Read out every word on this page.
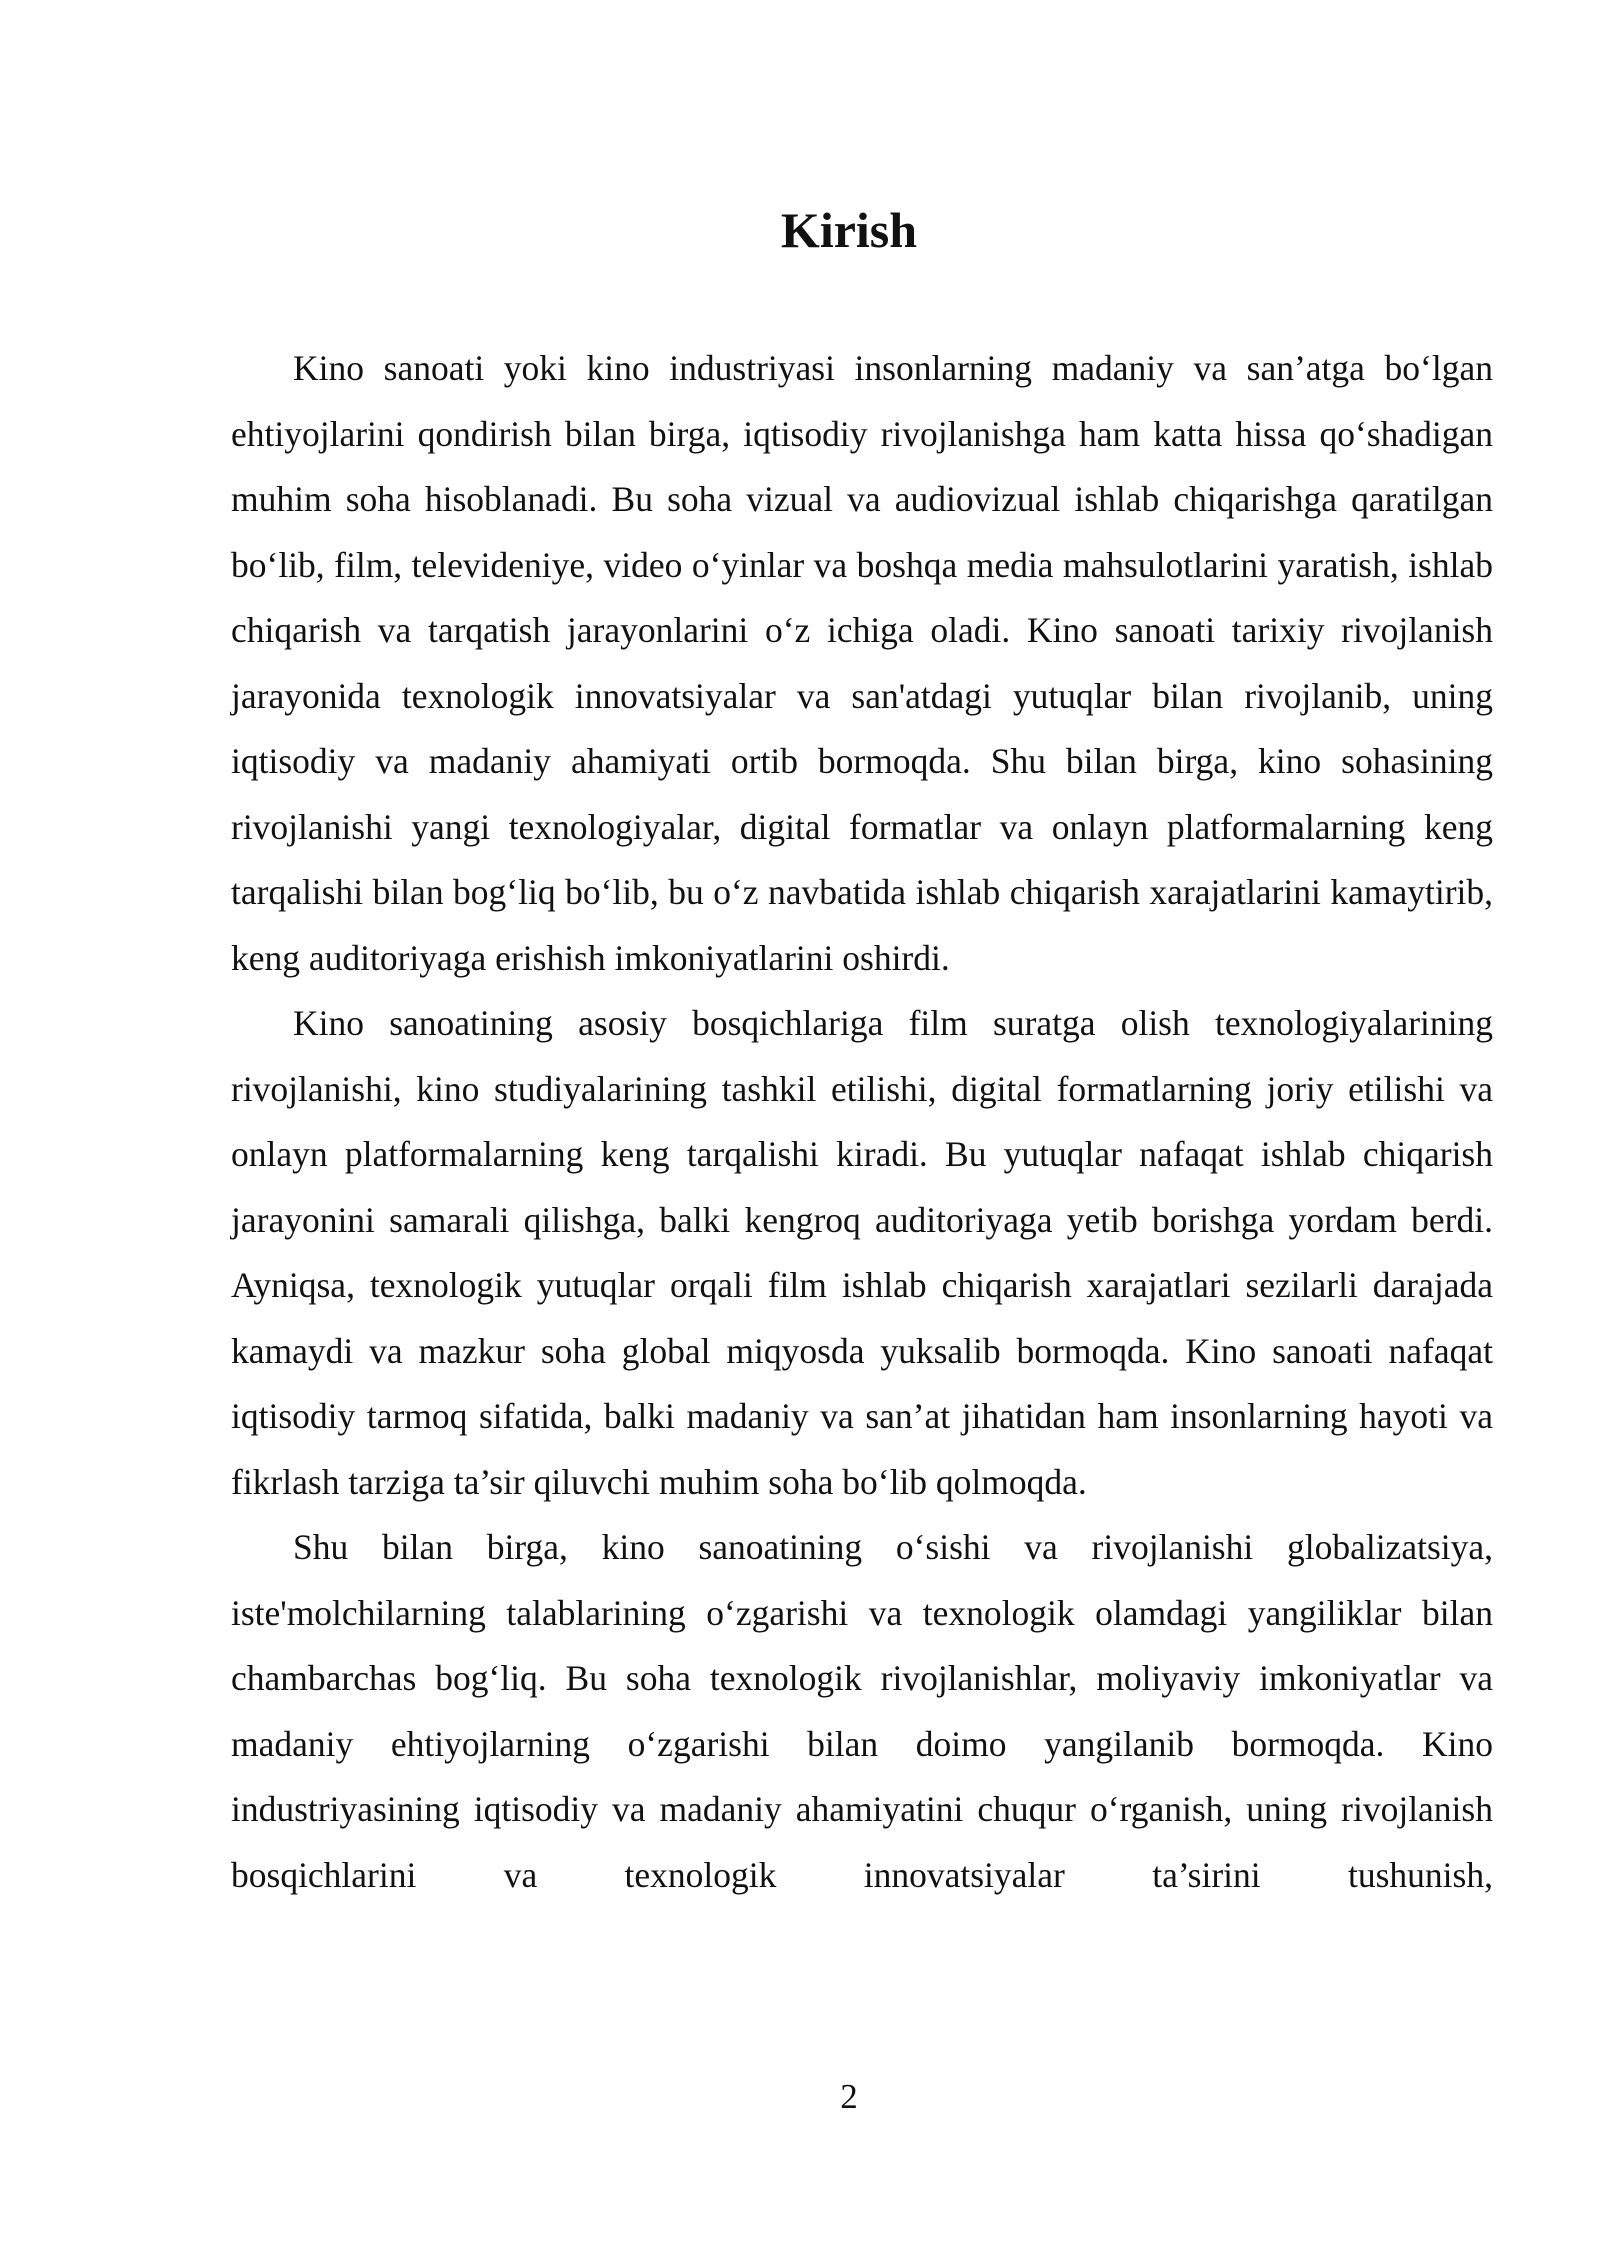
Kirish

Kino sanoati yoki kino industriyasi insonlarning madaniy va san’atga bo‘lgan ehtiyojlarini qondirish bilan birga, iqtisodiy rivojlanishga ham katta hissa qo‘shadigan muhim soha hisoblanadi. Bu soha vizual va audiovizual ishlab chiqarishga qaratilgan bo‘lib, film, televideniye, video o‘yinlar va boshqa media mahsulotlarini yaratish, ishlab chiqarish va tarqatish jarayonlarini o‘z ichiga oladi. Kino sanoati tarixiy rivojlanish jarayonida texnologik innovatsiyalar va san'atdagi yutuqlar bilan rivojlanib, uning iqtisodiy va madaniy ahamiyati ortib bormoqda. Shu bilan birga, kino sohasining rivojlanishi yangi texnologiyalar, digital formatlar va onlayn platformalarning keng tarqalishi bilan bog‘liq bo‘lib, bu o‘z navbatida ishlab chiqarish xarajatlarini kamaytirib, keng auditoriyaga erishish imkoniyatlarini oshirdi.

Kino sanoatining asosiy bosqichlariga film suratga olish texnologiyalarining rivojlanishi, kino studiyalarining tashkil etilishi, digital formatlarning joriy etilishi va onlayn platformalarning keng tarqalishi kiradi. Bu yutuqlar nafaqat ishlab chiqarish jarayonini samarali qilishga, balki kengroq auditoriyaga yetib borishga yordam berdi. Ayniqsa, texnologik yutuqlar orqali film ishlab chiqarish xarajatlari sezilarli darajada kamaydi va mazkur soha global miqyosda yuksalib bormoqda. Kino sanoati nafaqat iqtisodiy tarmoq sifatida, balki madaniy va san’at jihatidan ham insonlarning hayoti va fikrlash tarziga ta’sir qiluvchi muhim soha bo‘lib qolmoqda.

Shu bilan birga, kino sanoatining o‘sishi va rivojlanishi globalizatsiya, iste'molchilarning talablarining o‘zgarishi va texnologik olamdagi yangiliklar bilan chambarchas bog‘liq. Bu soha texnologik rivojlanishlar, moliyaviy imkoniyatlar va madaniy ehtiyojlarning o‘zgarishi bilan doimo yangilanib bormoqda. Kino industriyasining iqtisodiy va madaniy ahamiyatini chuqur o‘rganish, uning rivojlanish bosqichlarini va texnologik innovatsiyalar ta’sirini tushunish,

2
